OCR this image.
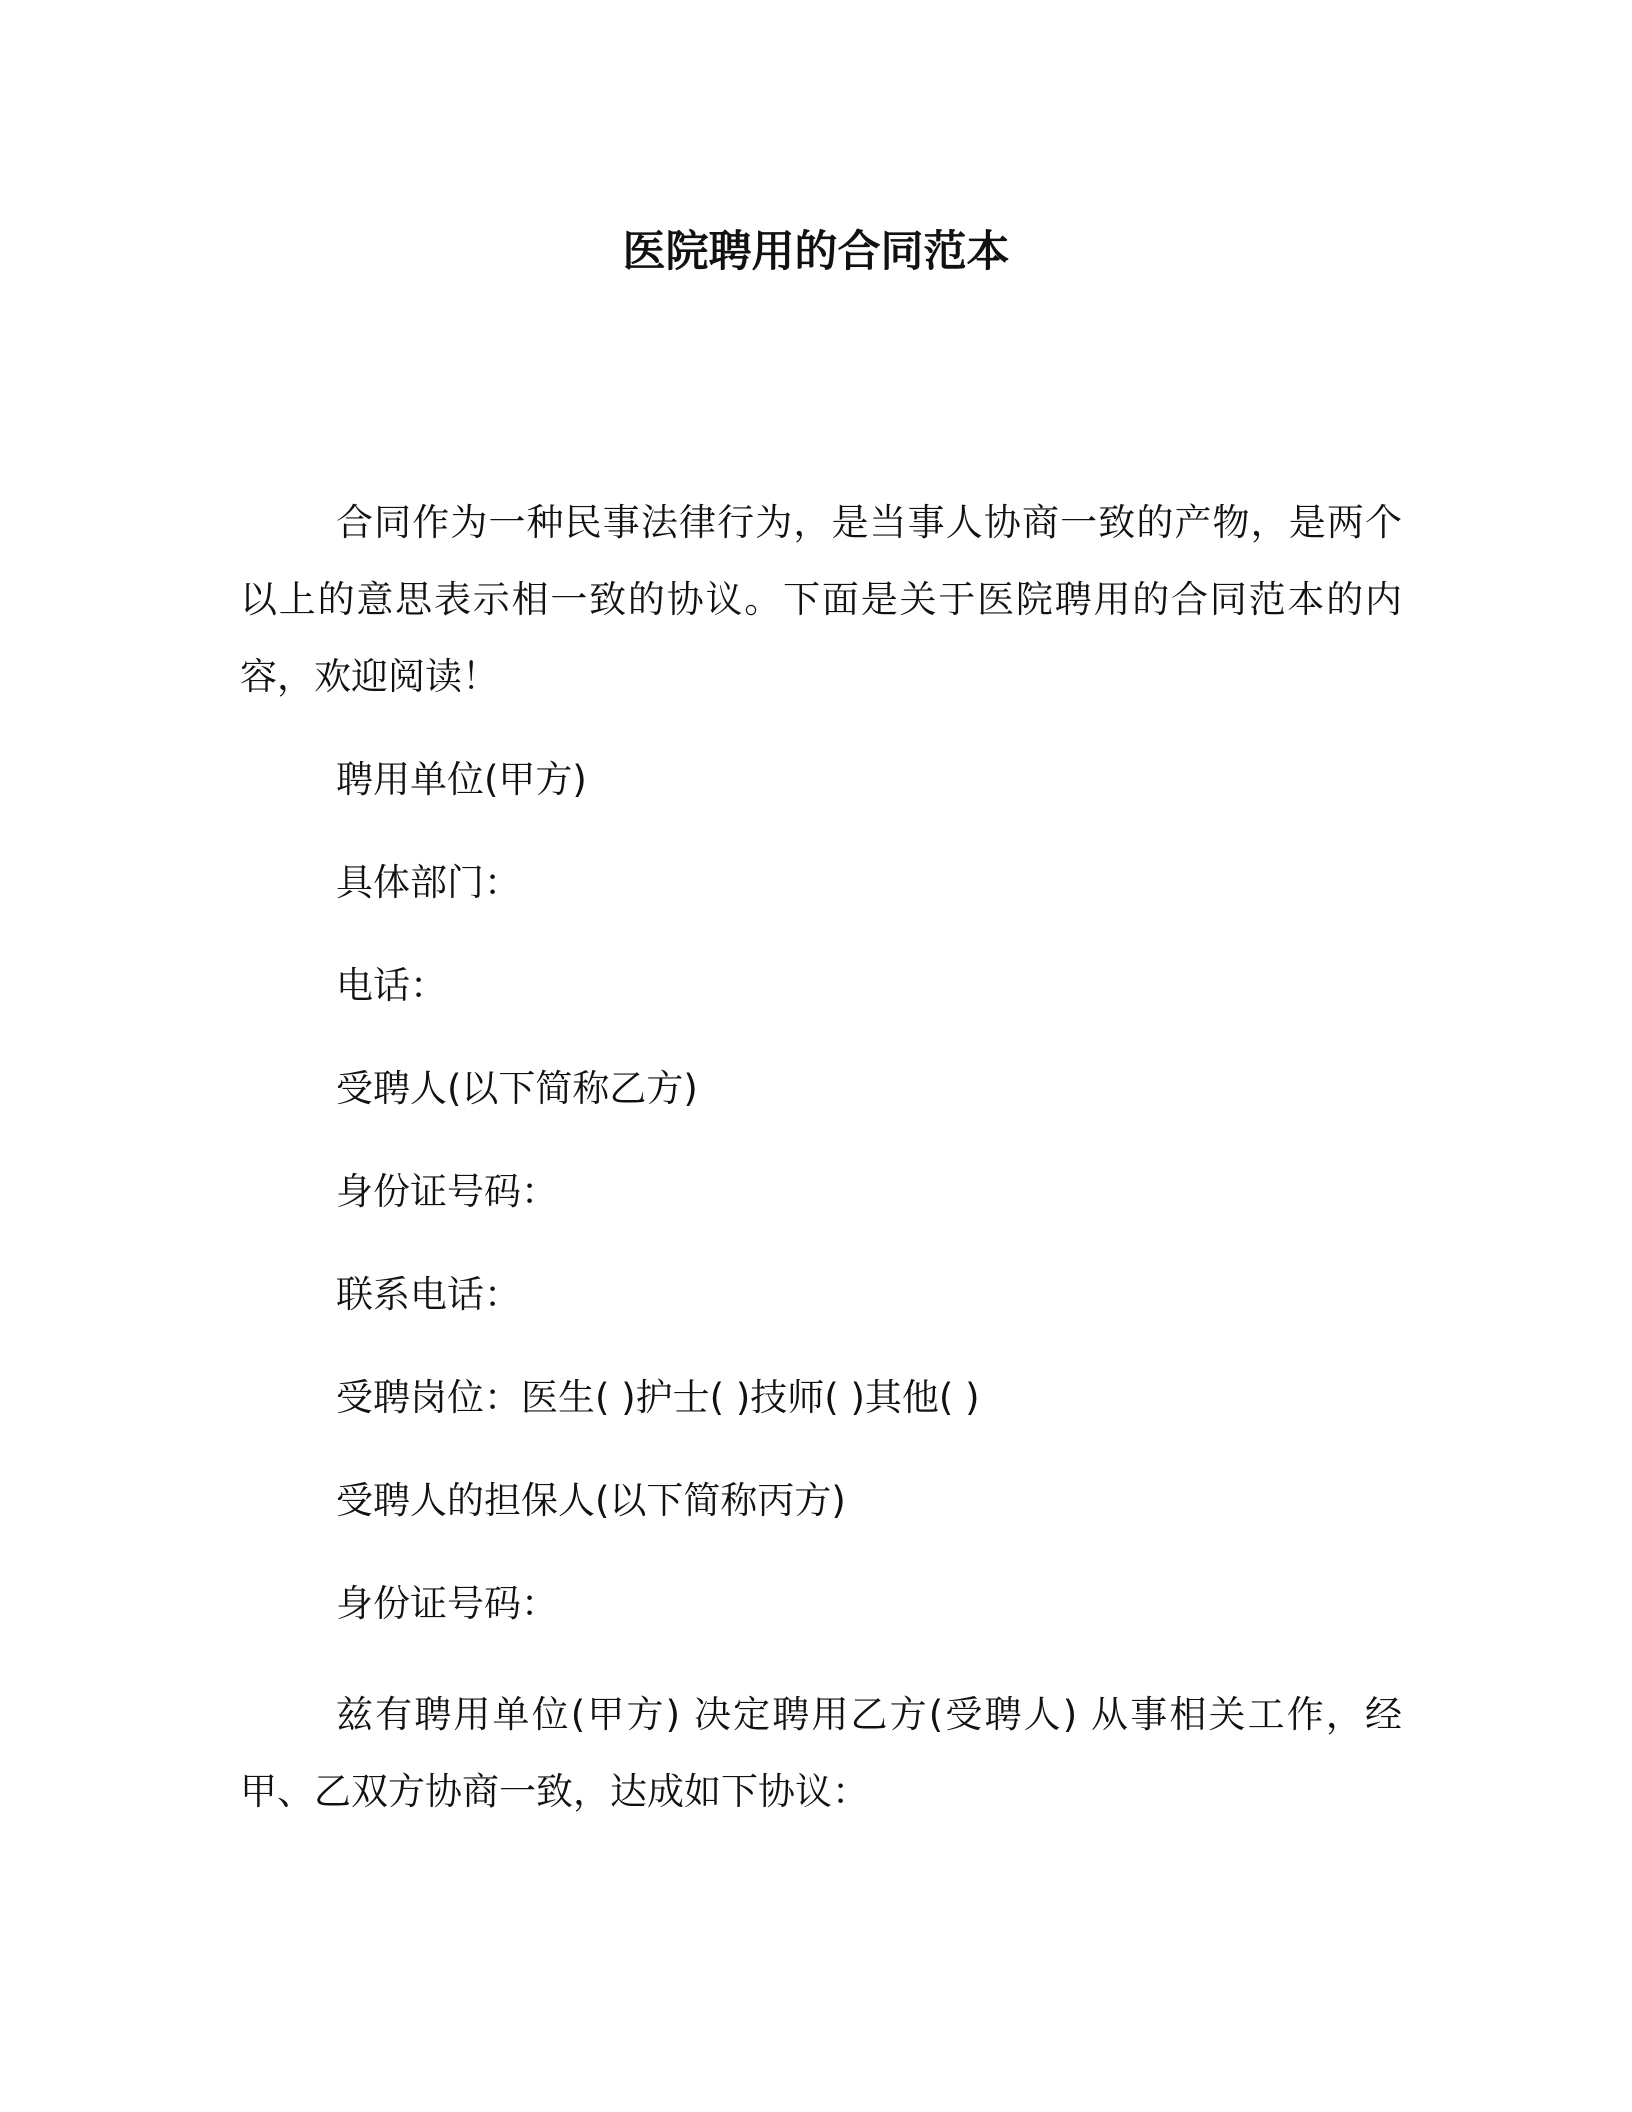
医院聘用的合同范本

合同作为一种民事法律行为，是当事人协商一致的产物，是两个以上的意思表示相一致的协议。下面是关于医院聘用的合同范本的内容，欢迎阅读！

聘用单位(甲方)
具体部门：
电话：
受聘人(以下简称乙方)
身份证号码：
联系电话：
受聘岗位：医生( )护士( )技师( )其他( )
受聘人的担保人(以下简称丙方)
身份证号码：

兹有聘用单位(甲方) 决定聘用乙方(受聘人) 从事相关工作，经甲、乙双方协商一致，达成如下协议：
